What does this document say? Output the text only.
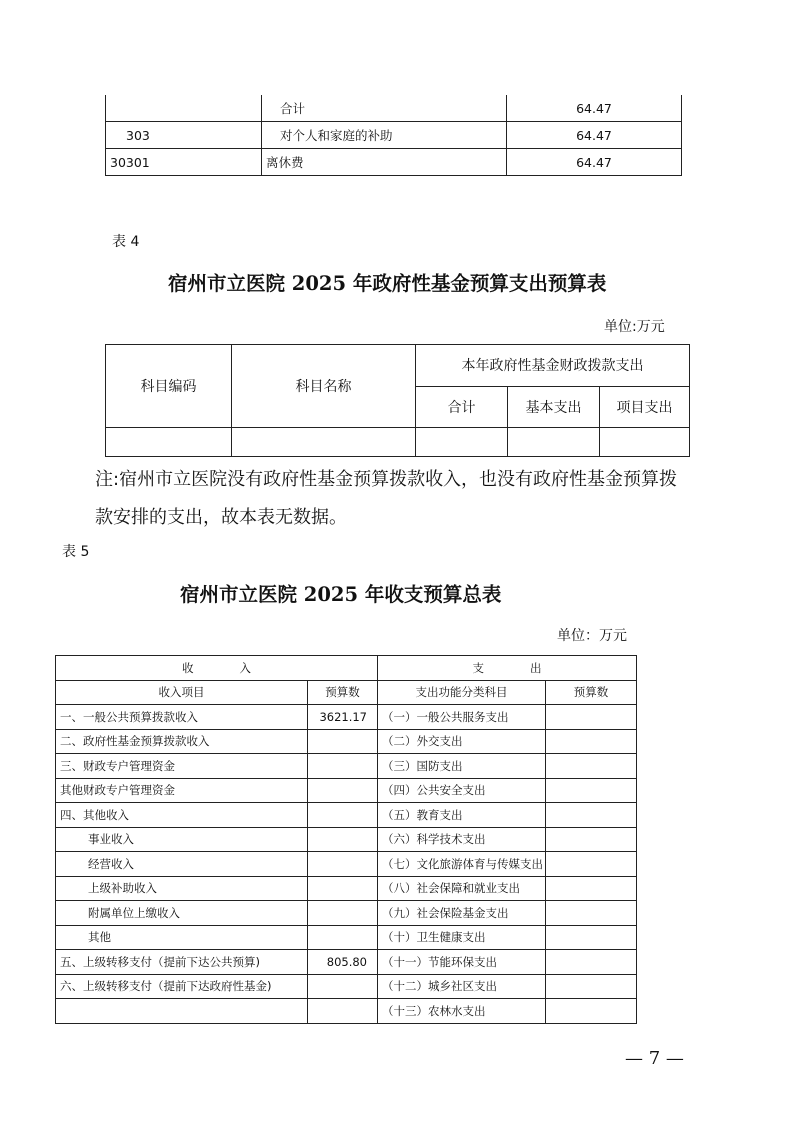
	合计	64.47
303	对个人和家庭的补助	64.47
30301	离休费	64.47
表 4
宿州市立医院 2025 年政府性基金预算支出预算表
单位:万元
科目编码	科目名称	本年政府性基金财政拨款支出		
		合计	基本支出	项目支出

注:宿州市立医院没有政府性基金预算拨款收入，也没有政府性基金预算拨款安排的支出，故本表无数据。
表 5
宿州市立医院 2025 年收支预算总表
单位：万元
收　　　　入		支　　　　出	
收入项目	预算数	支出功能分类科目	预算数
一、一般公共预算拨款收入	3621.17	（一）一般公共服务支出	
二、政府性基金预算拨款收入		（二）外交支出	
三、财政专户管理资金		（三）国防支出	
其他财政专户管理资金		（四）公共安全支出	
四、其他收入		（五）教育支出	
事业收入		（六）科学技术支出	
经营收入		（七）文化旅游体育与传媒支出	
上级补助收入		（八）社会保障和就业支出	
附属单位上缴收入		（九）社会保险基金支出	
其他		（十）卫生健康支出	
五、上级转移支付（提前下达公共预算)	805.80	（十一）节能环保支出	
六、上级转移支付（提前下达政府性基金)		（十二）城乡社区支出	
		（十三）农林水支出	
— 7 —
